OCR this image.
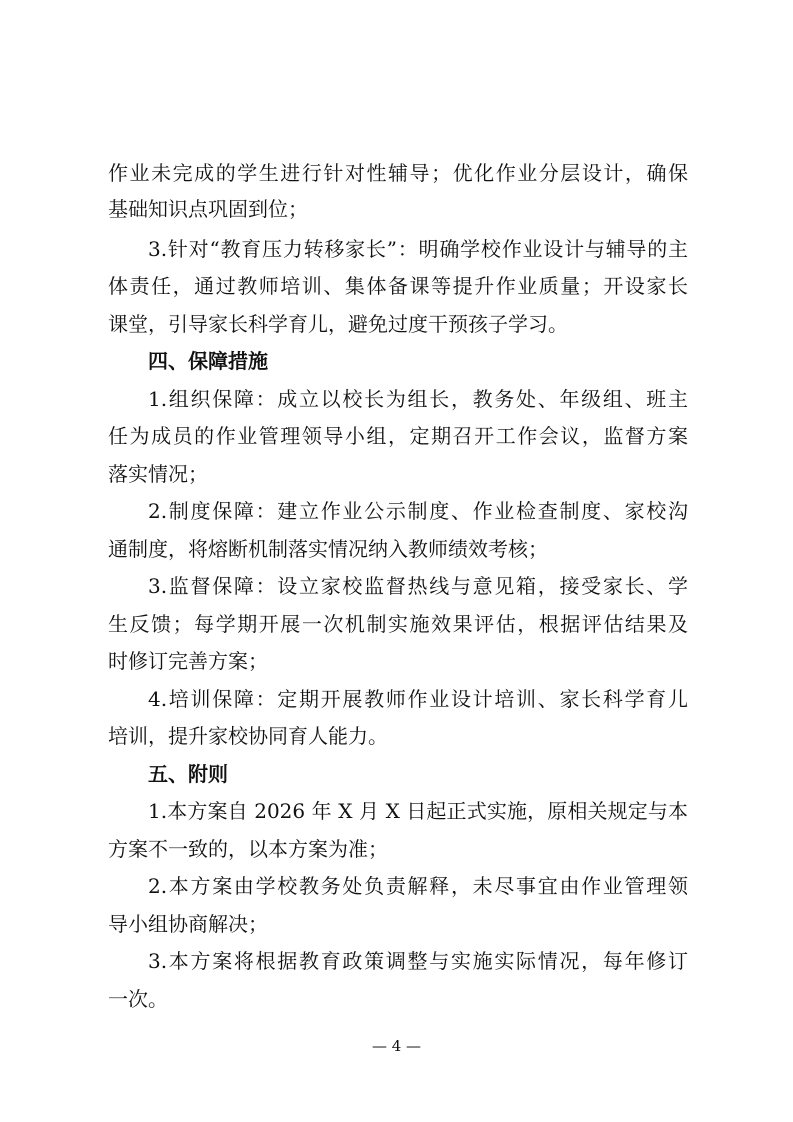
作业未完成的学生进行针对性辅导；优化作业分层设计，确保
基础知识点巩固到位；
3.针对“教育压力转移家长”：明确学校作业设计与辅导的主
体责任，通过教师培训、集体备课等提升作业质量；开设家长
课堂，引导家长科学育儿，避免过度干预孩子学习。
四、保障措施
1.组织保障：成立以校长为组长，教务处、年级组、班主
任为成员的作业管理领导小组，定期召开工作会议，监督方案
落实情况；
2.制度保障：建立作业公示制度、作业检查制度、家校沟
通制度，将熔断机制落实情况纳入教师绩效考核；
3.监督保障：设立家校监督热线与意见箱，接受家长、学
生反馈；每学期开展一次机制实施效果评估，根据评估结果及
时修订完善方案；
4.培训保障：定期开展教师作业设计培训、家长科学育儿
培训，提升家校协同育人能力。
五、附则
1.本方案自 2026 年 X 月 X 日起正式实施，原相关规定与本
方案不一致的，以本方案为准；
2.本方案由学校教务处负责解释，未尽事宜由作业管理领
导小组协商解决；
3.本方案将根据教育政策调整与实施实际情况，每年修订
一次。
— 4 —
